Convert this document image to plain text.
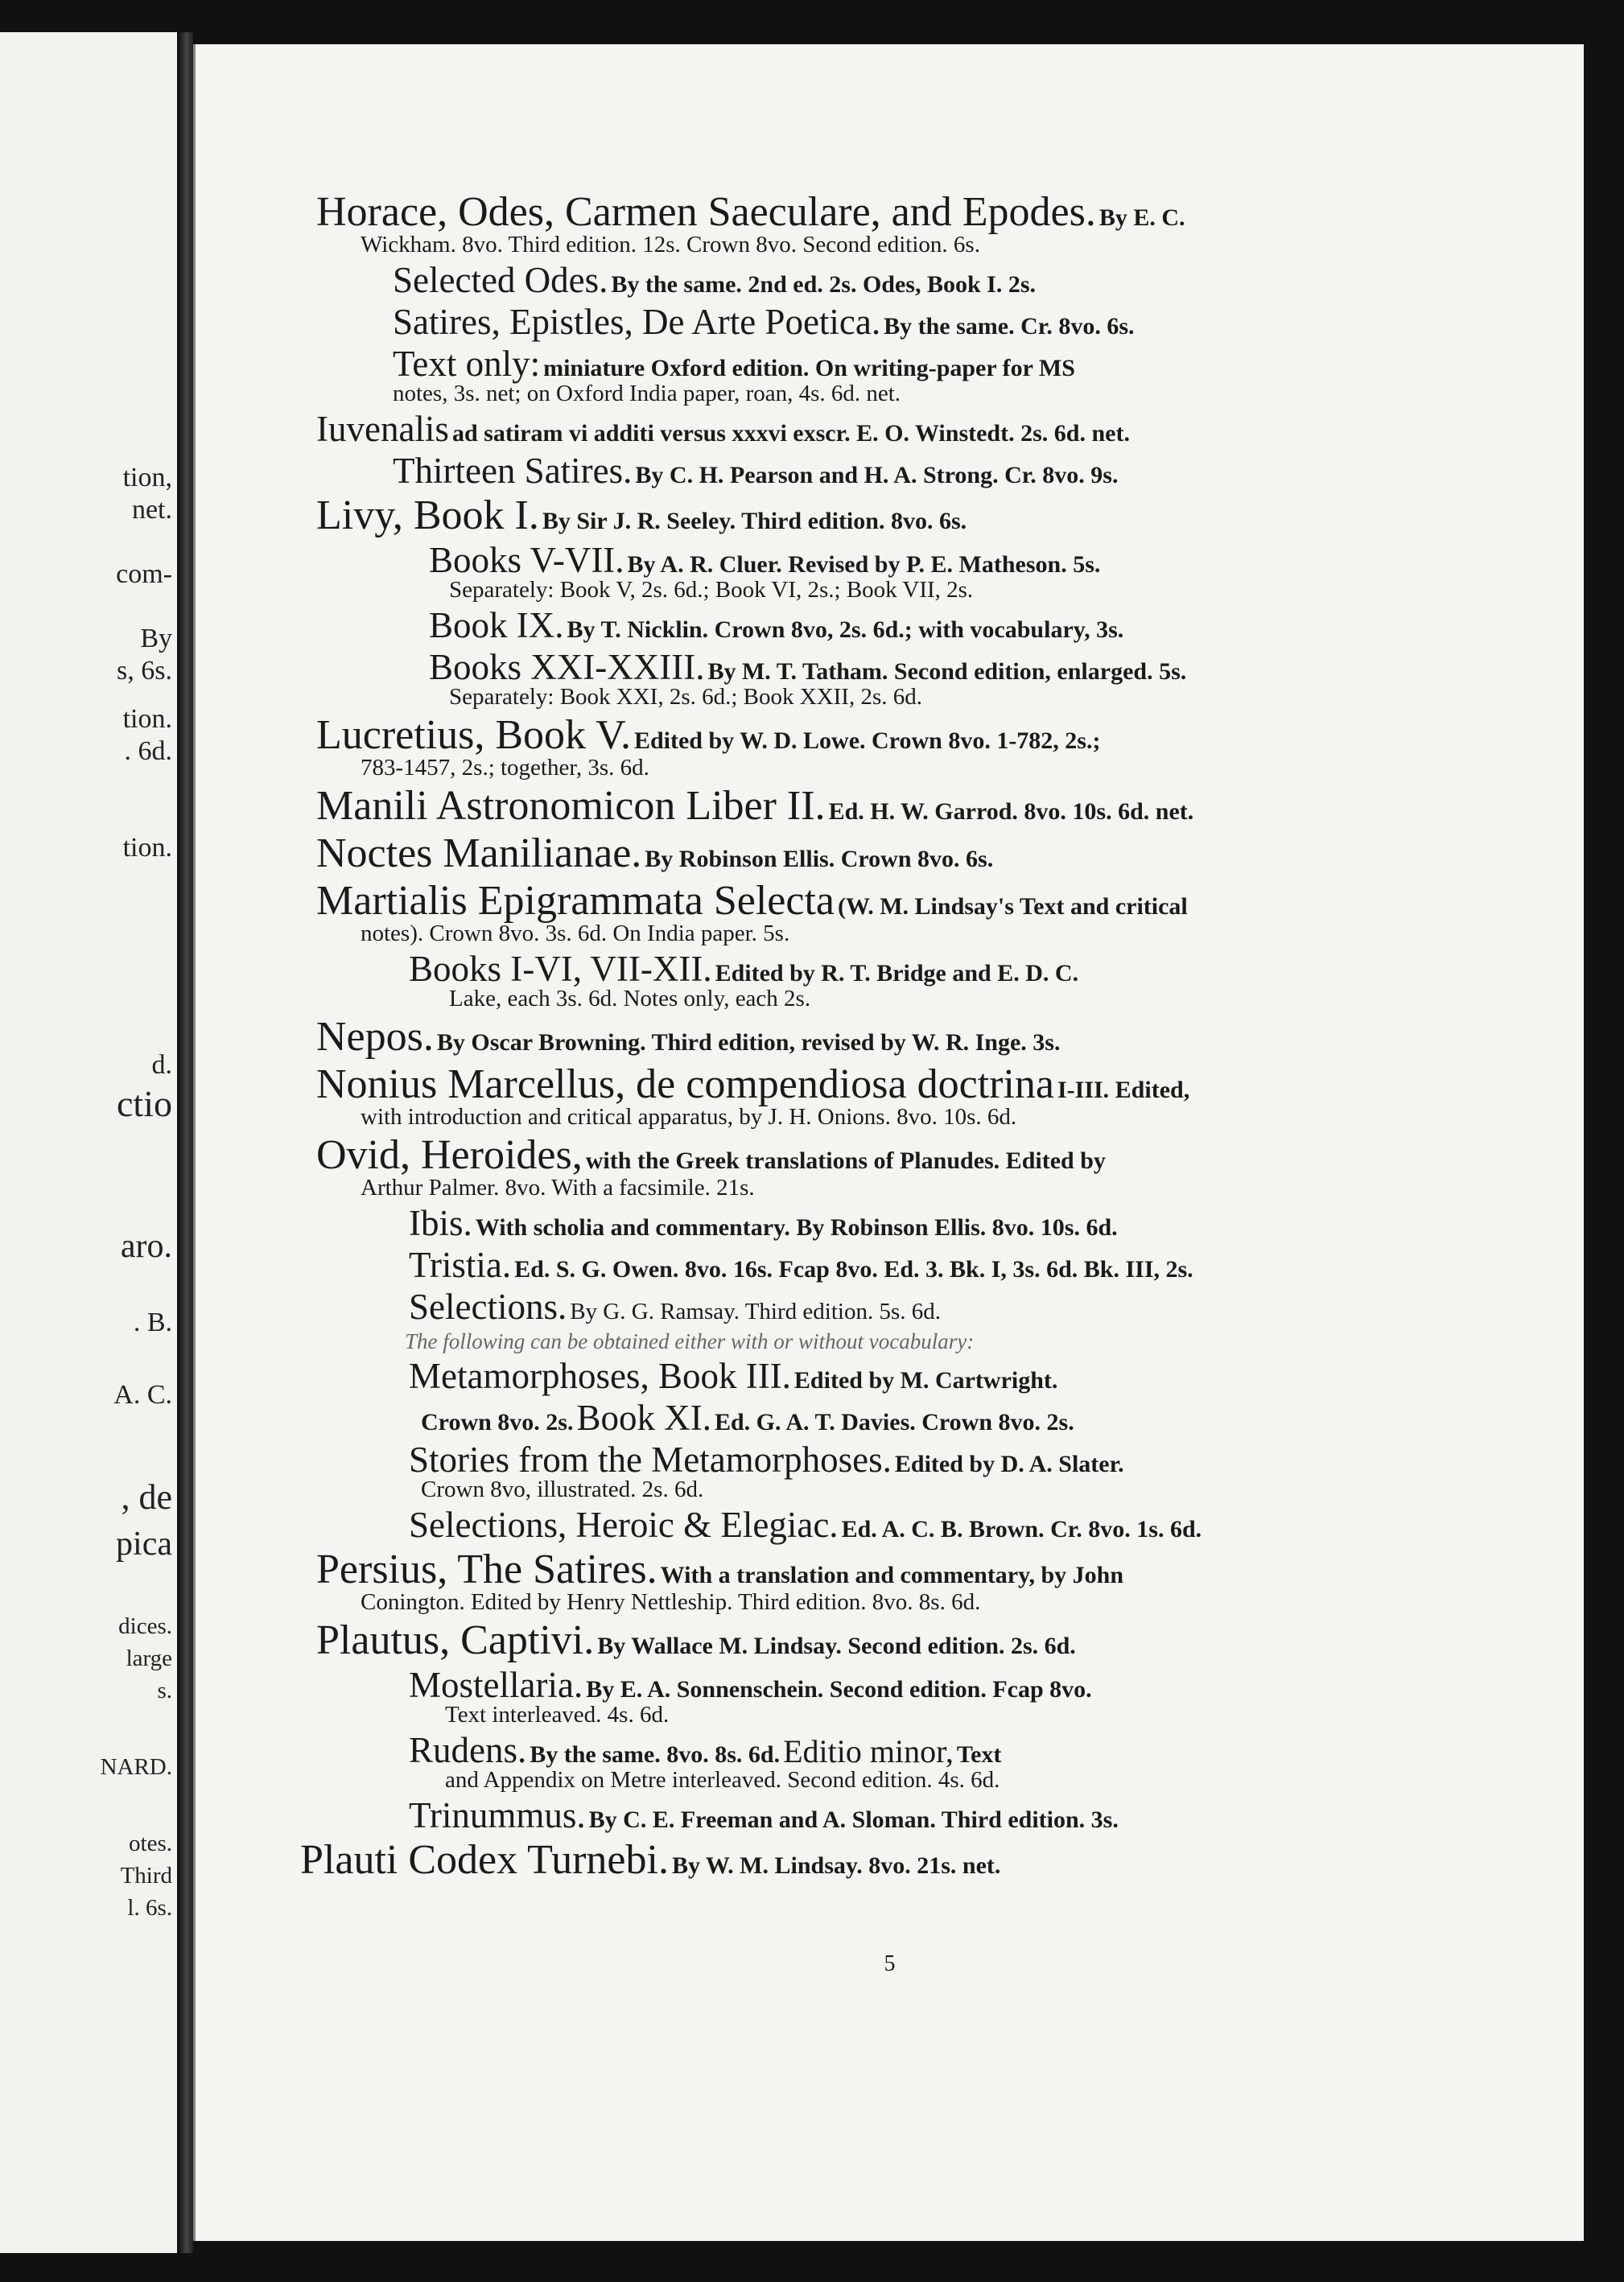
tion,
net.
com-
By
s, 6s.
tion.
. 6d.
tion.
d.
ctio
aro.
. B.
A. C.
, de
pica
dices.
large
s.
NARD.
otes.
Third
l. 6s.
Horace, Odes, Carmen Saeculare, and Epodes. By E. C.
Wickham. 8vo. Third edition. 12s. Crown 8vo. Second edition. 6s.
Selected Odes. By the same. 2nd ed. 2s. Odes, Book I. 2s.
Satires, Epistles, De Arte Poetica. By the same. Cr. 8vo. 6s.
Text only: miniature Oxford edition. On writing-paper for MS
notes, 3s. net; on Oxford India paper, roan, 4s. 6d. net.
Iuvenalis ad satiram vi additi versus xxxvi exscr. E. O. Winstedt. 2s. 6d. net.
Thirteen Satires. By C. H. Pearson and H. A. Strong. Cr. 8vo. 9s.
Livy, Book I. By Sir J. R. Seeley. Third edition. 8vo. 6s.
Books V-VII. By A. R. Cluer. Revised by P. E. Matheson. 5s.
Separately: Book V, 2s. 6d.; Book VI, 2s.; Book VII, 2s.
Book IX. By T. Nicklin. Crown 8vo, 2s. 6d.; with vocabulary, 3s.
Books XXI-XXIII. By M. T. Tatham. Second edition, enlarged. 5s.
Separately: Book XXI, 2s. 6d.; Book XXII, 2s. 6d.
Lucretius, Book V. Edited by W. D. Lowe. Crown 8vo. 1-782, 2s.;
783-1457, 2s.; together, 3s. 6d.
Manili Astronomicon Liber II. Ed. H. W. Garrod. 8vo. 10s. 6d. net.
Noctes Manilianae. By Robinson Ellis. Crown 8vo. 6s.
Martialis Epigrammata Selecta (W. M. Lindsay's Text and critical
notes). Crown 8vo. 3s. 6d. On India paper. 5s.
Books I-VI, VII-XII. Edited by R. T. Bridge and E. D. C.
Lake, each 3s. 6d. Notes only, each 2s.
Nepos. By Oscar Browning. Third edition, revised by W. R. Inge. 3s.
Nonius Marcellus, de compendiosa doctrina I-III. Edited,
with introduction and critical apparatus, by J. H. Onions. 8vo. 10s. 6d.
Ovid, Heroides, with the Greek translations of Planudes. Edited by
Arthur Palmer. 8vo. With a facsimile. 21s.
Ibis. With scholia and commentary. By Robinson Ellis. 8vo. 10s. 6d.
Tristia. Ed. S. G. Owen. 8vo. 16s. Fcap 8vo. Ed. 3. Bk. I, 3s. 6d. Bk. III, 2s.
Selections. By G. G. Ramsay. Third edition. 5s. 6d.
The following can be obtained either with or without vocabulary:
Metamorphoses, Book III. Edited by M. Cartwright.
Crown 8vo. 2s. Book XI. Ed. G. A. T. Davies. Crown 8vo. 2s.
Stories from the Metamorphoses. Edited by D. A. Slater.
Crown 8vo, illustrated. 2s. 6d.
Selections, Heroic & Elegiac. Ed. A. C. B. Brown. Cr. 8vo. 1s. 6d.
Persius, The Satires. With a translation and commentary, by John
Conington. Edited by Henry Nettleship. Third edition. 8vo. 8s. 6d.
Plautus, Captivi. By Wallace M. Lindsay. Second edition. 2s. 6d.
Mostellaria. By E. A. Sonnenschein. Second edition. Fcap 8vo.
Text interleaved. 4s. 6d.
Rudens. By the same. 8vo. 8s. 6d. Editio minor, Text
and Appendix on Metre interleaved. Second edition. 4s. 6d.
Trinummus. By C. E. Freeman and A. Sloman. Third edition. 3s.
Plauti Codex Turnebi. By W. M. Lindsay. 8vo. 21s. net.
5
